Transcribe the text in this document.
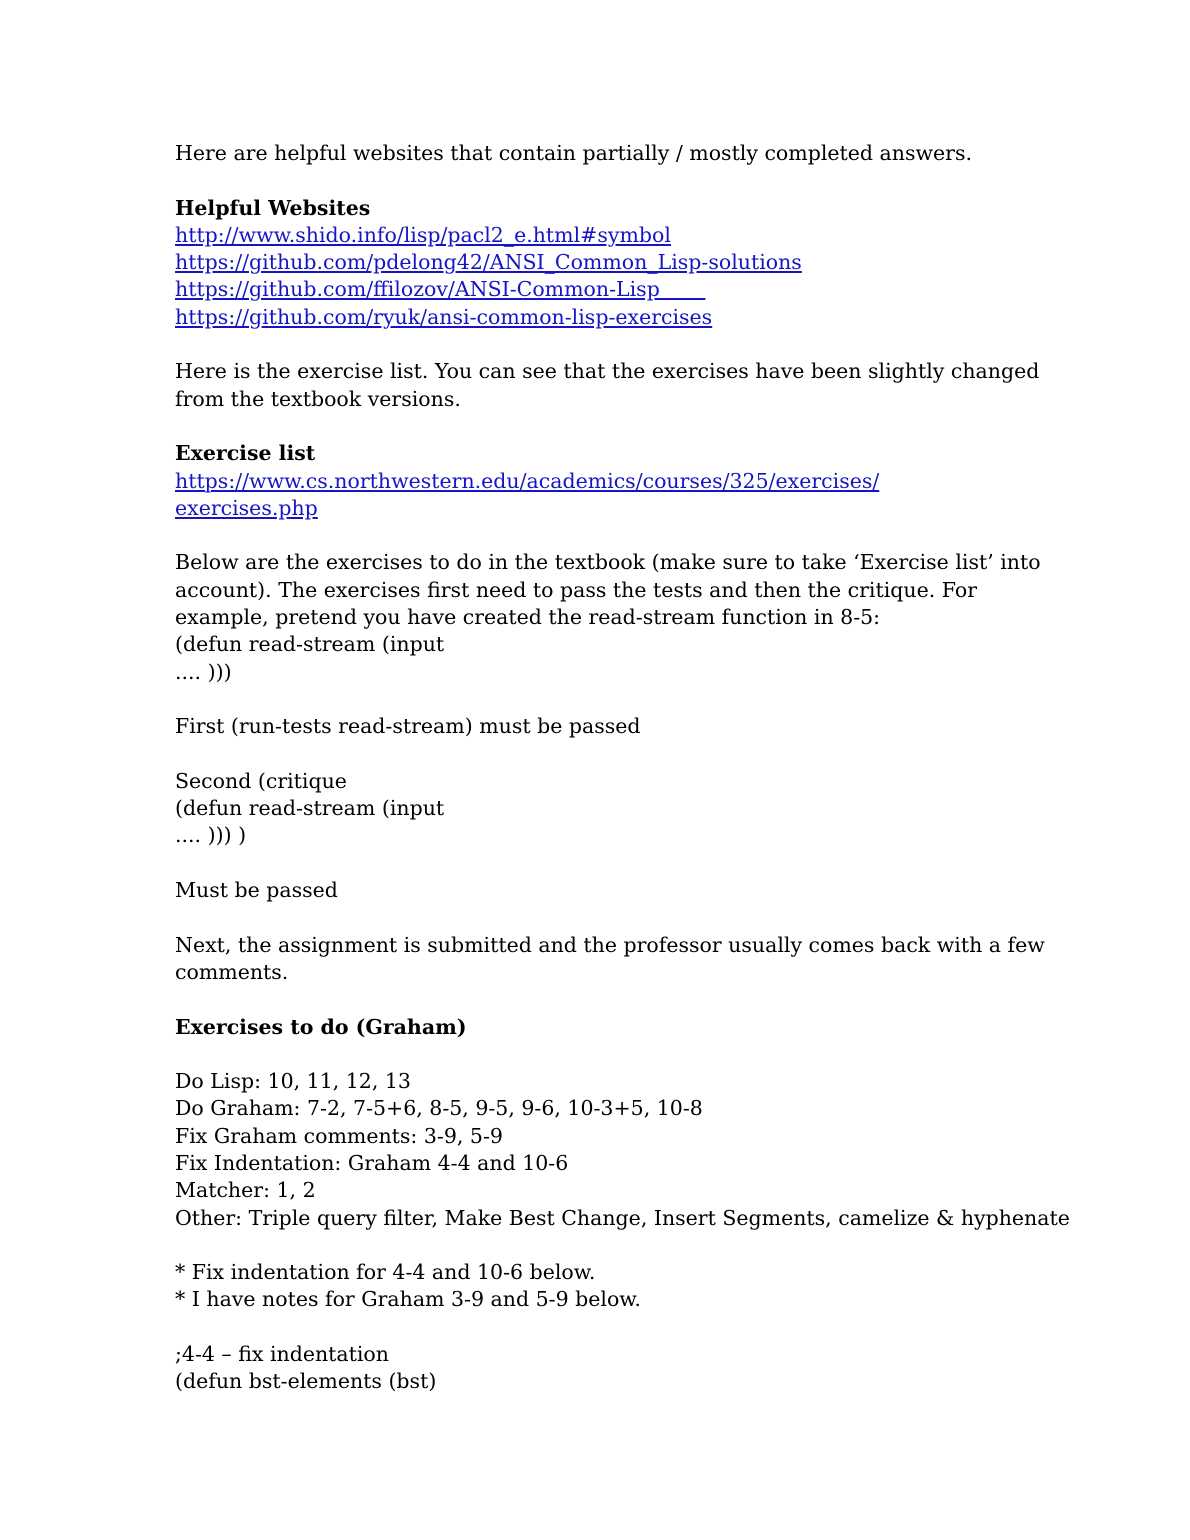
Here are helpful websites that contain partially / mostly completed answers.
Helpful Websites
http://www.shido.info/lisp/pacl2_e.html#symbol
https://github.com/pdelong42/ANSI_Common_Lisp-solutions
https://github.com/ffilozov/ANSI-Common-Lisp
https://github.com/ryuk/ansi-common-lisp-exercises
Here is the exercise list. You can see that the exercises have been slightly changed
from the textbook versions.
Exercise list
https://www.cs.northwestern.edu/academics/courses/325/exercises/
exercises.php
Below are the exercises to do in the textbook (make sure to take ‘Exercise list’ into
account). The exercises first need to pass the tests and then the critique. For
example, pretend you have created the read-stream function in 8-5:
(defun read-stream (input
.... )))
First (run-tests read-stream) must be passed
Second (critique
(defun read-stream (input
.... ))) )
Must be passed
Next, the assignment is submitted and the professor usually comes back with a few
comments.
Exercises to do (Graham)
Do Lisp: 10, 11, 12, 13
Do Graham: 7-2, 7-5+6, 8-5, 9-5, 9-6, 10-3+5, 10-8
Fix Graham comments: 3-9, 5-9
Fix Indentation: Graham 4-4 and 10-6
Matcher: 1, 2
Other: Triple query filter, Make Best Change, Insert Segments, camelize & hyphenate
* Fix indentation for 4-4 and 10-6 below.
* I have notes for Graham 3-9 and 5-9 below.
;4-4 – fix indentation
(defun bst-elements (bst)
